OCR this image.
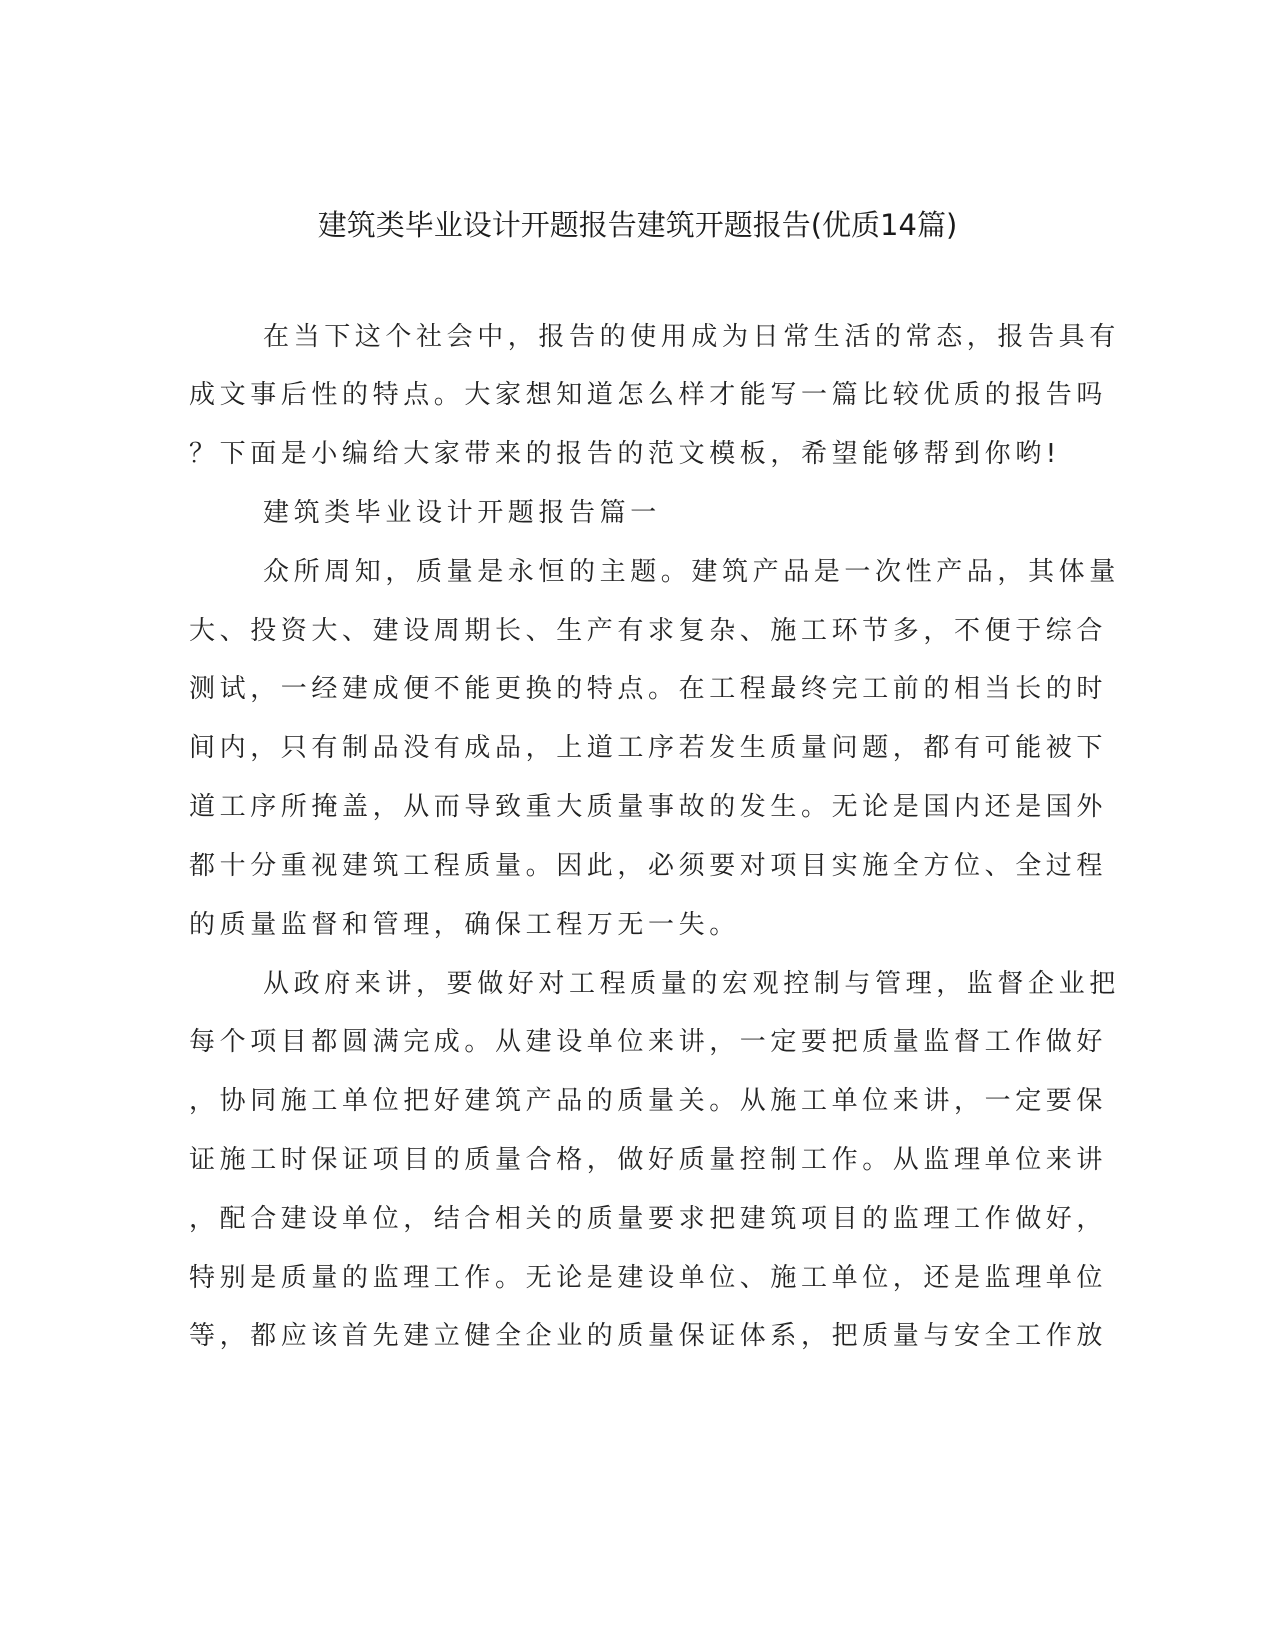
建筑类毕业设计开题报告建筑开题报告(优质14篇)
在当下这个社会中，报告的使用成为日常生活的常态，报告具有
成文事后性的特点。大家想知道怎么样才能写一篇比较优质的报告吗
？下面是小编给大家带来的报告的范文模板，希望能够帮到你哟!
建筑类毕业设计开题报告篇一
众所周知，质量是永恒的主题。建筑产品是一次性产品，其体量
大、投资大、建设周期长、生产有求复杂、施工环节多，不便于综合
测试，一经建成便不能更换的特点。在工程最终完工前的相当长的时
间内，只有制品没有成品，上道工序若发生质量问题，都有可能被下
道工序所掩盖，从而导致重大质量事故的发生。无论是国内还是国外
都十分重视建筑工程质量。因此，必须要对项目实施全方位、全过程
的质量监督和管理，确保工程万无一失。
从政府来讲，要做好对工程质量的宏观控制与管理，监督企业把
每个项目都圆满完成。从建设单位来讲，一定要把质量监督工作做好
，协同施工单位把好建筑产品的质量关。从施工单位来讲，一定要保
证施工时保证项目的质量合格，做好质量控制工作。从监理单位来讲
，配合建设单位，结合相关的质量要求把建筑项目的监理工作做好，
特别是质量的监理工作。无论是建设单位、施工单位，还是监理单位
等，都应该首先建立健全企业的质量保证体系，把质量与安全工作放
